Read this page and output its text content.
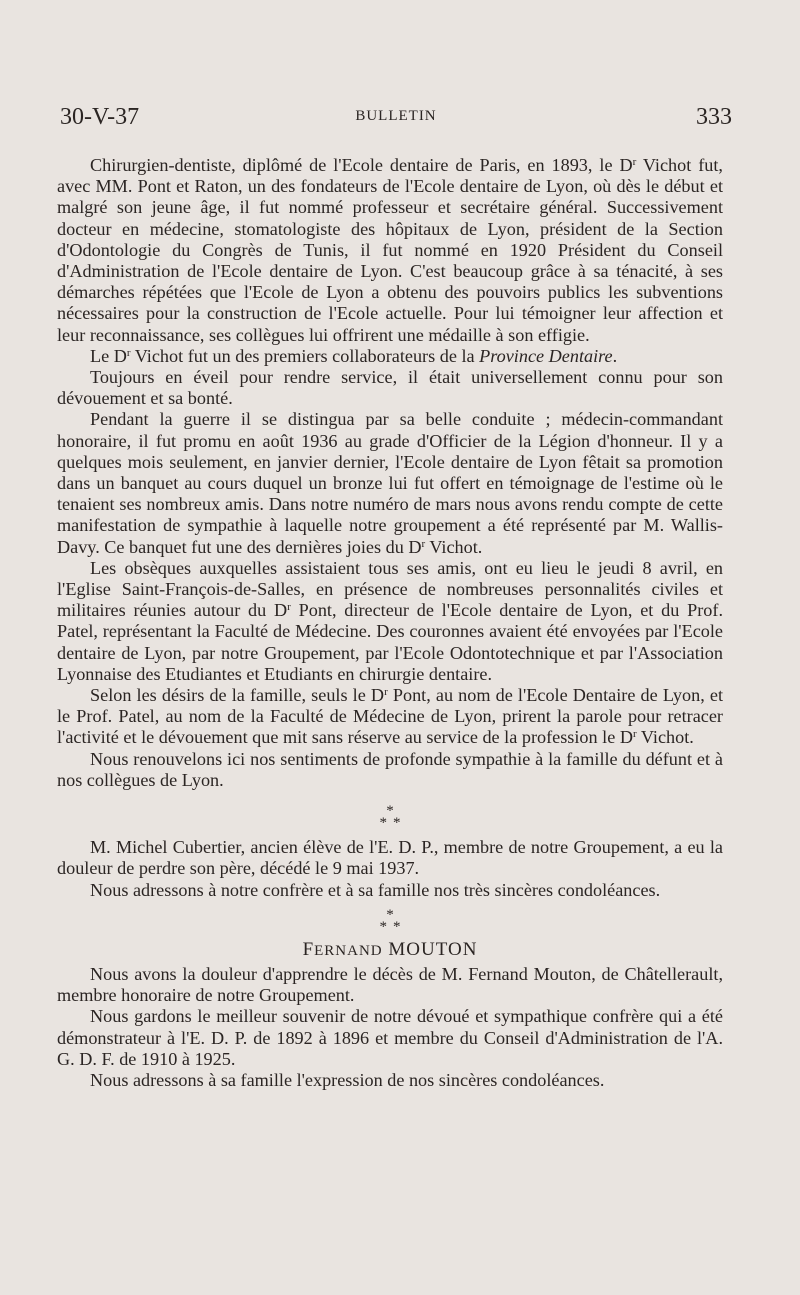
30-V-37	BULLETIN	333

Chirurgien-dentiste, diplômé de l'Ecole dentaire de Paris, en 1893, le $D^r$ Vichot fut, avec MM. Pont et Raton, un des fondateurs de l'Ecole dentaire de Lyon, où dès le début et malgré son jeune âge, il fut nommé professeur et secrétaire général. Successivement docteur en médecine, stomatologiste des hôpitaux de Lyon, président de la Section d'Odontologie du Congrès de Tunis, il fut nommé en 1920 Président du Conseil d'Administration de l'Ecole dentaire de Lyon. C'est beaucoup grâce à sa ténacité, à ses démarches répétées que l'Ecole de Lyon a obtenu des pouvoirs publics les subventions nécessaires pour la construction de l'Ecole actuelle. Pour lui témoigner leur affection et leur reconnaissance, ses collègues lui offrirent une médaille à son effigie.

Le $D^r$ Vichot fut un des premiers collaborateurs de la Province Dentaire.

Toujours en éveil pour rendre service, il était universellement connu pour son dévouement et sa bonté.

Pendant la guerre il se distingua par sa belle conduite ; médecin-commandant honoraire, il fut promu en août 1936 au grade d'Officier de la Légion d'honneur. Il y a quelques mois seulement, en janvier dernier, l'Ecole dentaire de Lyon fêtait sa promotion dans un banquet au cours duquel un bronze lui fut offert en témoignage de l'estime où le tenaient ses nombreux amis. Dans notre numéro de mars nous avons rendu compte de cette manifestation de sympathie à laquelle notre groupement a été représenté par M. Wallis-Davy. Ce banquet fut une des dernières joies du $D^r$ Vichot.

Les obsèques auxquelles assistaient tous ses amis, ont eu lieu le jeudi 8 avril, en l'Eglise Saint-François-de-Salles, en présence de nombreuses personnalités civiles et militaires réunies autour du $D^r$ Pont, directeur de l'Ecole dentaire de Lyon, et du Prof. Patel, représentant la Faculté de Médecine. Des couronnes avaient été envoyées par l'Ecole dentaire de Lyon, par notre Groupement, par l'Ecole Odontotechnique et par l'Association Lyonnaise des Etudiantes et Etudiants en chirurgie dentaire.

Selon les désirs de la famille, seuls le $D^r$ Pont, au nom de l'Ecole Dentaire de Lyon, et le Prof. Patel, au nom de la Faculté de Médecine de Lyon, prirent la parole pour retracer l'activité et le dévouement que mit sans réserve au service de la profession le $D^r$ Vichot.

Nous renouvelons ici nos sentiments de profonde sympathie à la famille du défunt et à nos collègues de Lyon.

*
**

M. Michel Cubertier, ancien élève de l'E. D. P., membre de notre Groupement, a eu la douleur de perdre son père, décédé le 9 mai 1937.

Nous adressons à notre confrère et à sa famille nos très sincères condoléances.

*
**
FERNAND MOUTON

Nous avons la douleur d'apprendre le décès de M. Fernand Mouton, de Châtellerault, membre honoraire de notre Groupement.

Nous gardons le meilleur souvenir de notre dévoué et sympathique confrère qui a été démonstrateur à l'E. D. P. de 1892 à 1896 et membre du Conseil d'Administration de l'A. G. D. F. de 1910 à 1925.

Nous adressons à sa famille l'expression de nos sincères condoléances.
